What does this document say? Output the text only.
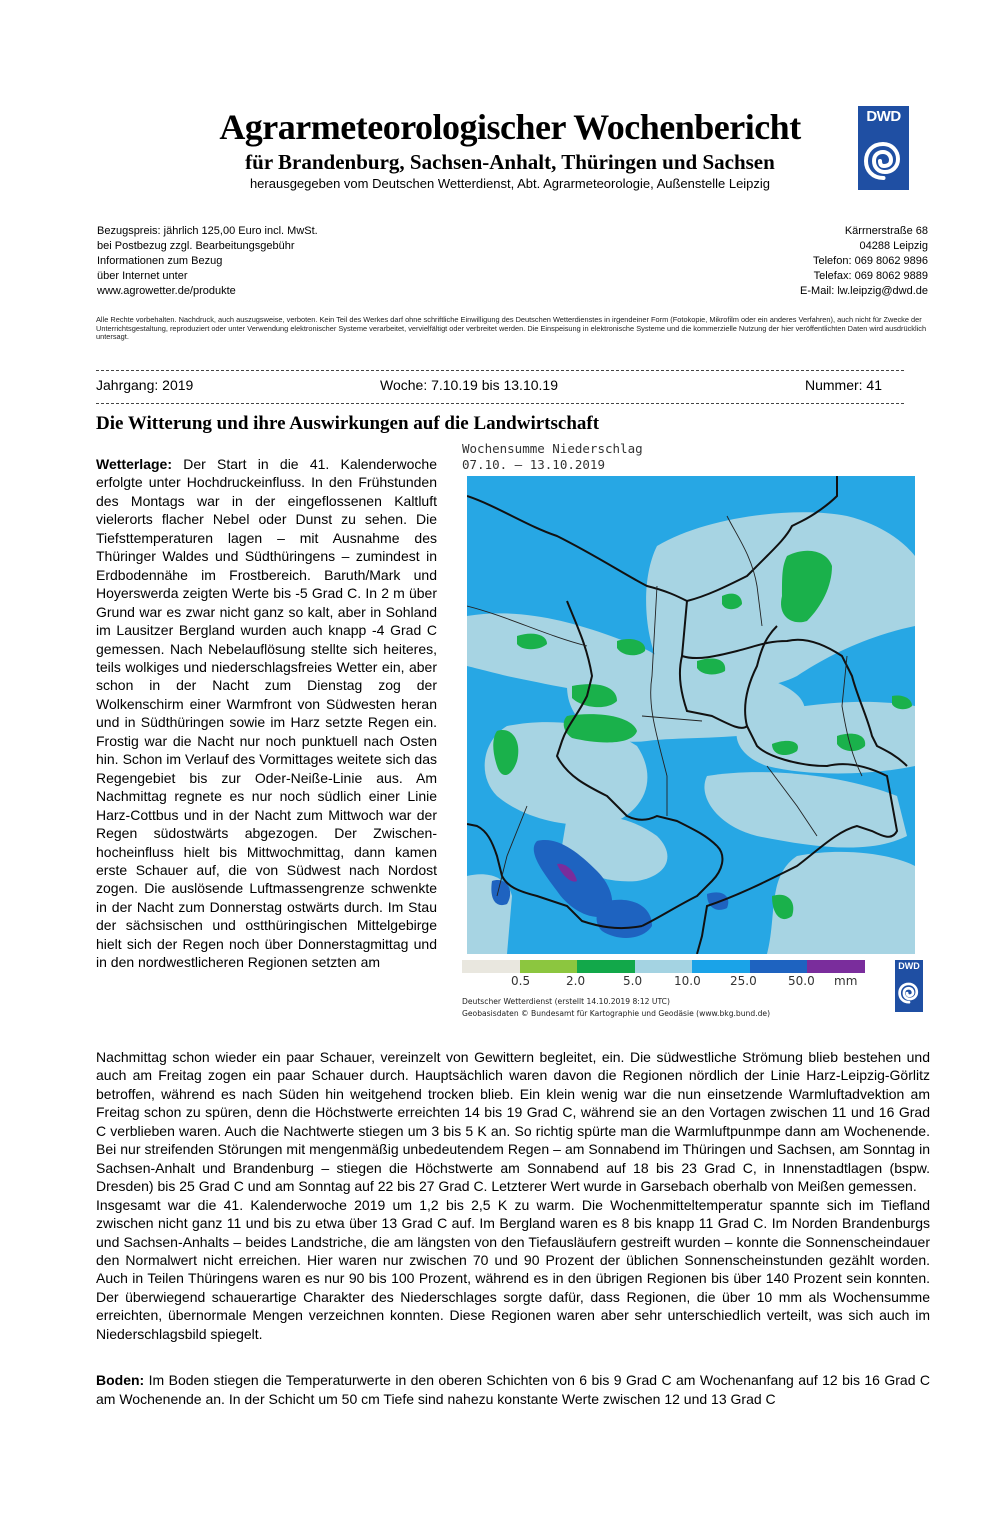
Agrarmeteorologischer Wochenbericht
für Brandenburg, Sachsen-Anhalt, Thüringen und Sachsen
herausgegeben vom Deutschen Wetterdienst, Abt. Agrarmeteorologie, Außenstelle Leipzig
DWD
Bezugspreis: jährlich 125,00 Euro incl. MwSt.
bei Postbezug zzgl. Bearbeitungsgebühr
Informationen zum Bezug
über Internet unter
www.agrowetter.de/produkte
Kärrnerstraße 68
04288 Leipzig
Telefon: 069 8062 9896
Telefax: 069 8062 9889
E-Mail: lw.leipzig@dwd.de
Alle Rechte vorbehalten. Nachdruck, auch auszugsweise, verboten. Kein Teil des Werkes darf ohne schriftliche Einwilligung des Deutschen Wetterdienstes in irgendeiner Form (Fotokopie, Mikrofilm oder ein anderes Verfahren), auch nicht für Zwecke der Unterrichtsgestaltung, reproduziert oder unter Verwendung elektronischer Systeme verarbeitet, vervielfältigt oder verbreitet werden. Die Einspeisung in elektronische Systeme und die kommerzielle Nutzung der hier veröffentlichten Daten wird ausdrücklich untersagt.
Jahrgang: 2019	Woche: 7.10.19 bis 13.10.19	Nummer: 41
Die Witterung und ihre Auswirkungen auf die Landwirtschaft
Wochensumme Niederschlag
07.10. – 13.10.2019
0.5	2.0	5.0	10.0 25.0	50.0 mm
Deutscher Wetterdienst (erstellt 14.10.2019 8:12 UTC)
Geobasisdaten © Bundesamt für Kartographie und Geodäsie (www.bkg.bund.de)
DWD
Wetterlage: Der Start in die 41. Kalenderwoche erfolgte unter Hochdruckeinfluss. In den Frühstunden des Montags war in der eingeflossenen Kaltluft vielerorts flacher Nebel oder Dunst zu sehen. Die Tiefsttemperaturen lagen – mit Ausnahme des Thüringer Waldes und Südthüringens – zumindest in Erdbodennähe im Frostbereich. Baruth/Mark und Hoyerswerda zeigten Werte bis -5 Grad C. In 2 m über Grund war es zwar nicht ganz so kalt, aber in Sohland im Lausitzer Bergland wurden auch knapp -4 Grad C gemessen. Nach Nebelauflösung stellte sich heiteres, teils wolkiges und niederschlagsfreies Wetter ein, aber schon in der Nacht zum Dienstag zog der Wolkenschirm einer Warmfront von Südwesten heran und in Südthüringen sowie im Harz setzte Regen ein. Frostig war die Nacht nur noch punktuell nach Osten hin. Schon im Verlauf des Vormittages weitete sich das Regengebiet bis zur Oder-Neiße-Linie aus. Am Nachmittag regnete es nur noch südlich einer Linie Harz-Cottbus und in der Nacht zum Mittwoch war der Regen südostwärts abgezogen. Der Zwischenhocheinfluss hielt bis Mittwochmittag, dann kamen erste Schauer auf, die von Südwest nach Nordost zogen. Die auslösende Luftmassengrenze schwenkte in der Nacht zum Donnerstag ostwärts durch. Im Stau der sächsischen und ostthüringischen Mittelgebirge hielt sich der Regen noch über Donnerstagmittag und in den nordwestlicheren Regionen setzten am
Nachmittag schon wieder ein paar Schauer, vereinzelt von Gewittern begleitet, ein. Die südwestliche Strömung blieb bestehen und auch am Freitag zogen ein paar Schauer durch. Hauptsächlich waren davon die Regionen nördlich der Linie Harz-Leipzig-Görlitz betroffen, während es nach Süden hin weitgehend trocken blieb. Ein klein wenig war die nun einsetzende Warmluftadvektion am Freitag schon zu spüren, denn die Höchstwerte erreichten 14 bis 19 Grad C, während sie an den Vortagen zwischen 11 und 16 Grad C verblieben waren. Auch die Nachtwerte stiegen um 3 bis 5 K an. So richtig spürte man die Warmluftpunmpe dann am Wochenende. Bei nur streifenden Störungen mit mengenmäßig unbedeutendem Regen – am Sonnabend im Thüringen und Sachsen, am Sonntag in Sachsen-Anhalt und Brandenburg – stiegen die Höchstwerte am Sonnabend auf 18 bis 23 Grad C, in Innenstadtlagen (bspw. Dresden) bis 25 Grad C und am Sonntag auf 22 bis 27 Grad C. Letzterer Wert wurde in Garsebach oberhalb von Meißen gemessen.
Insgesamt war die 41. Kalenderwoche 2019 um 1,2 bis 2,5 K zu warm. Die Wochenmitteltemperatur spannte sich im Tiefland zwischen nicht ganz 11 und bis zu etwa über 13 Grad C auf. Im Bergland waren es 8 bis knapp 11 Grad C. Im Norden Brandenburgs und Sachsen-Anhalts – beides Landstriche, die am längsten von den Tiefausläufern gestreift wurden – konnte die Sonnenscheindauer den Normalwert nicht erreichen. Hier waren nur zwischen 70 und 90 Prozent der üblichen Sonnenscheinstunden gezählt worden. Auch in Teilen Thüringens waren es nur 90 bis 100 Prozent, während es in den übrigen Regionen bis über 140 Prozent sein konnten. Der überwiegend schauerartige Charakter des Niederschlages sorgte dafür, dass Regionen, die über 10 mm als Wochensumme erreichten, übernormale Mengen verzeichnen konnten. Diese Regionen waren aber sehr unterschiedlich verteilt, was sich auch im Niederschlagsbild spiegelt.
Boden: Im Boden stiegen die Temperaturwerte in den oberen Schichten von 6 bis 9 Grad C am Wochenanfang auf 12 bis 16 Grad C am Wochenende an. In der Schicht um 50 cm Tiefe sind nahezu konstante Werte zwischen 12 und 13 Grad C
